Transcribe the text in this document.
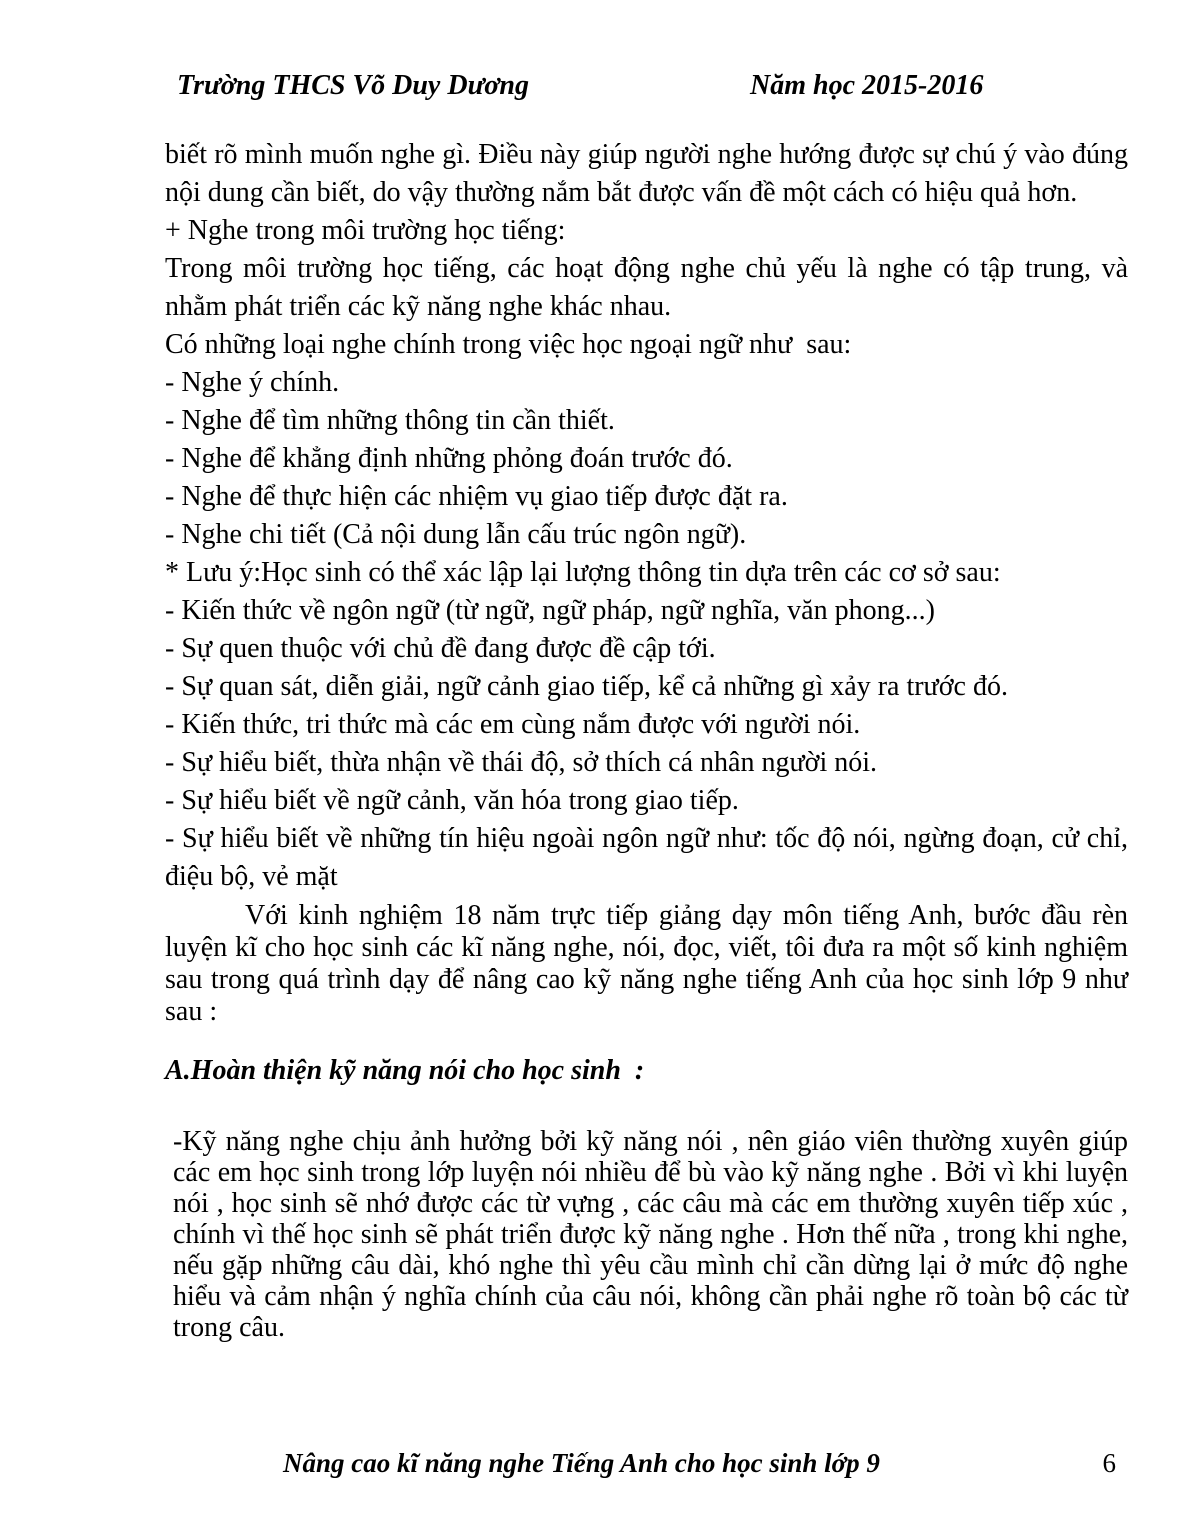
Trường THCS Võ Duy Dương	Năm học 2015-2016
biết rõ mình muốn nghe gì. Điều này giúp người nghe hướng được sự chú ý vào đúng nội dung cần biết, do vậy thường nắm bắt được vấn đề một cách có hiệu quả hơn.
+ Nghe trong môi trường học tiếng:
Trong môi trường học tiếng, các hoạt động nghe chủ yếu là nghe có tập trung, và nhằm phát triển các kỹ năng nghe khác nhau.
Có những loại nghe chính trong việc học ngoại ngữ như  sau:
- Nghe ý chính.
- Nghe để tìm những thông tin cần thiết.
- Nghe để khẳng định những phỏng đoán trước đó.
- Nghe để thực hiện các nhiệm vụ giao tiếp được đặt ra.
- Nghe chi tiết (Cả nội dung lẫn cấu trúc ngôn ngữ).
* Lưu ý:Học sinh có thể xác lập lại lượng thông tin dựa trên các cơ sở sau:
- Kiến thức về ngôn ngữ (từ ngữ, ngữ pháp, ngữ nghĩa, văn phong...)
- Sự quen thuộc với chủ đề đang được đề cập tới.
- Sự quan sát, diễn giải, ngữ cảnh giao tiếp, kể cả những gì xảy ra trước đó.
- Kiến thức, tri thức mà các em cùng nắm được với người nói.
- Sự hiểu biết, thừa nhận về thái độ, sở thích cá nhân người nói.
- Sự hiểu biết về ngữ cảnh, văn hóa trong giao tiếp.
- Sự hiểu biết về những tín hiệu ngoài ngôn ngữ như: tốc độ nói, ngừng đoạn, cử chỉ, điệu bộ, vẻ mặt
Với kinh nghiệm 18 năm trực tiếp giảng dạy môn tiếng Anh, bước đầu rèn luyện kĩ cho học sinh các kĩ năng nghe, nói, đọc, viết, tôi đưa ra một số kinh nghiệm sau trong quá trình dạy để nâng cao kỹ năng nghe tiếng Anh của học sinh lớp 9 như sau :
A.Hoàn thiện kỹ năng nói cho học sinh  :
-Kỹ năng nghe chịu ảnh hưởng bởi kỹ năng nói , nên giáo viên thường xuyên giúp các em học sinh trong lớp luyện nói nhiều để bù vào kỹ năng nghe . Bởi vì khi luyện nói , học sinh sẽ nhớ được các từ vựng , các câu mà các em thường xuyên tiếp xúc , chính vì thế học sinh sẽ phát triển được kỹ năng nghe . Hơn thế nữa , trong khi nghe, nếu gặp những câu dài, khó nghe thì yêu cầu mình chỉ cần dừng lại ở mức độ nghe hiểu và cảm nhận ý nghĩa chính của câu nói, không cần phải nghe rõ toàn bộ các từ trong câu.
Nâng cao kĩ năng nghe Tiếng Anh cho học sinh lớp 9	6
